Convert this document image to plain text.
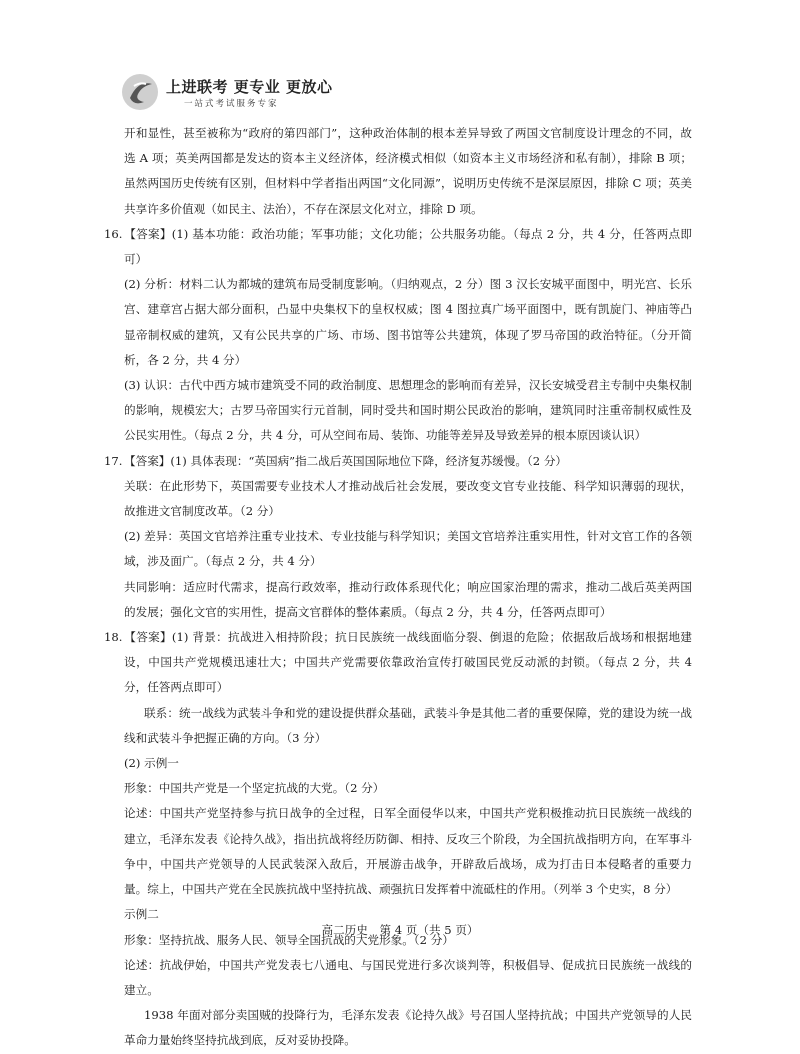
上进联考 更专业 更放心
一站式考试服务专家

开和显性，甚至被称为“政府的第四部门”，这种政治体制的根本差异导致了两国文官制度设计理念的不同，故选 A 项；英美两国都是发达的资本主义经济体，经济模式相似（如资本主义市场经济和私有制），排除 B 项；虽然两国历史传统有区别，但材料中学者指出两国“文化同源”，说明历史传统不是深层原因，排除 C 项；英美共享许多价值观（如民主、法治），不存在深层文化对立，排除 D 项。

16. 【答案】(1) 基本功能：政治功能；军事功能；文化功能；公共服务功能。（每点 2 分，共 4 分，任答两点即可）

(2) 分析：材料二认为都城的建筑布局受制度影响。（归纳观点，2 分）图 3 汉长安城平面图中，明光宫、长乐宫、建章宫占据大部分面积，凸显中央集权下的皇权权威；图 4 图拉真广场平面图中，既有凯旋门、神庙等凸显帝制权威的建筑，又有公民共享的广场、市场、图书馆等公共建筑，体现了罗马帝国的政治特征。（分开简析，各 2 分，共 4 分）

(3) 认识：古代中西方城市建筑受不同的政治制度、思想理念的影响而有差异，汉长安城受君主专制中央集权制的影响，规模宏大；古罗马帝国实行元首制，同时受共和国时期公民政治的影响，建筑同时注重帝制权威性及公民实用性。（每点 2 分，共 4 分，可从空间布局、装饰、功能等差异及导致差异的根本原因谈认识）

17. 【答案】(1) 具体表现：“英国病”指二战后英国国际地位下降，经济复苏缓慢。（2 分）

关联：在此形势下，英国需要专业技术人才推动战后社会发展，要改变文官专业技能、科学知识薄弱的现状，故推进文官制度改革。（2 分）

(2) 差异：英国文官培养注重专业技术、专业技能与科学知识；美国文官培养注重实用性，针对文官工作的各领域，涉及面广。（每点 2 分，共 4 分）

共同影响：适应时代需求，提高行政效率，推动行政体系现代化；响应国家治理的需求，推动二战后英美两国的发展；强化文官的实用性，提高文官群体的整体素质。（每点 2 分，共 4 分，任答两点即可）

18. 【答案】(1) 背景：抗战进入相持阶段；抗日民族统一战线面临分裂、倒退的危险；依据敌后战场和根据地建设，中国共产党规模迅速壮大；中国共产党需要依靠政治宣传打破国民党反动派的封锁。（每点 2 分，共 4 分，任答两点即可）

联系：统一战线为武装斗争和党的建设提供群众基础，武装斗争是其他二者的重要保障，党的建设为统一战线和武装斗争把握正确的方向。（3 分）

(2) 示例一

形象：中国共产党是一个坚定抗战的大党。（2 分）

论述：中国共产党坚持参与抗日战争的全过程，日军全面侵华以来，中国共产党积极推动抗日民族统一战线的建立，毛泽东发表《论持久战》，指出抗战将经历防御、相持、反攻三个阶段，为全国抗战指明方向，在军事斗争中，中国共产党领导的人民武装深入敌后，开展游击战争，开辟敌后战场，成为打击日本侵略者的重要力量。综上，中国共产党在全民族抗战中坚持抗战、顽强抗日发挥着中流砥柱的作用。（列举 3 个史实，8 分）

示例二

形象：坚持抗战、服务人民、领导全国抗战的大党形象。（2 分）

论述：抗战伊始，中国共产党发表七八通电、与国民党进行多次谈判等，积极倡导、促成抗日民族统一战线的建立。

1938 年面对部分卖国贼的投降行为，毛泽东发表《论持久战》号召国人坚持抗战；中国共产党领导的人民革命力量始终坚持抗战到底，反对妥协投降。

高二历史　第 4 页（共 5 页）
